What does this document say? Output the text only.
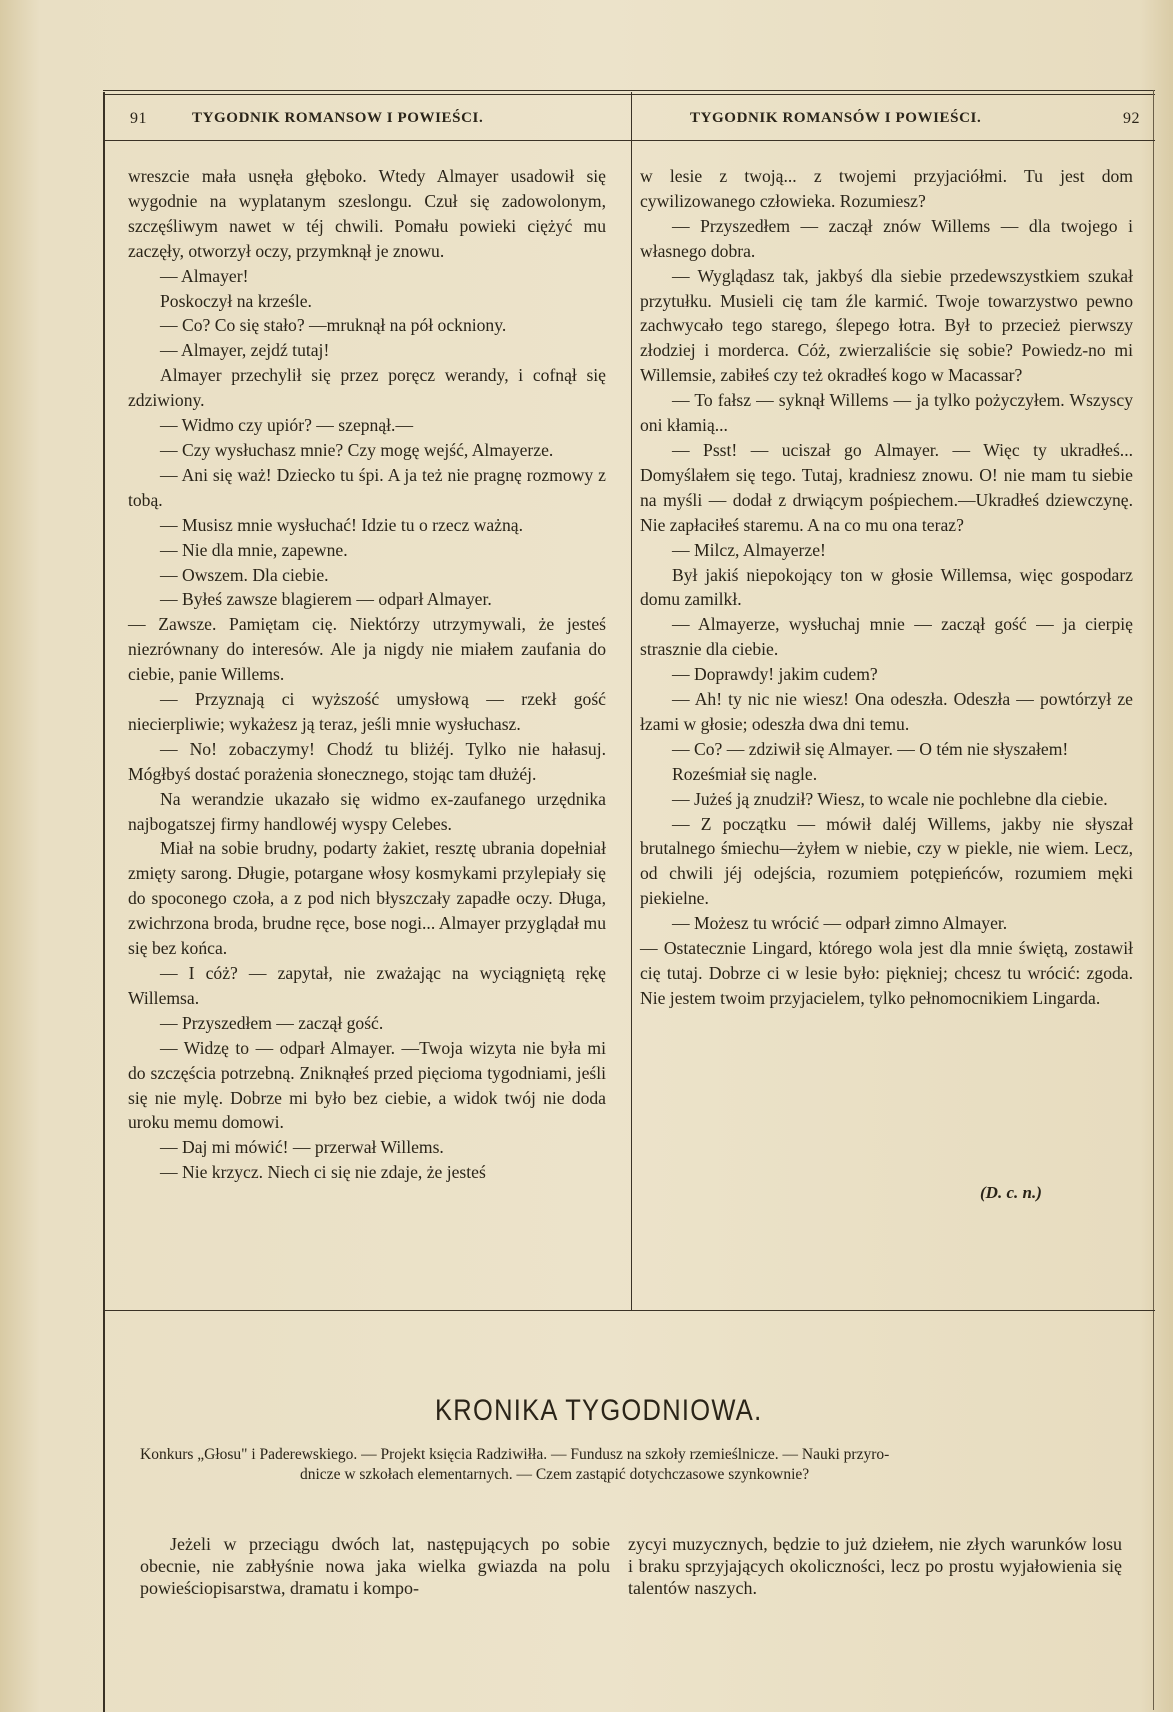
91	TYGODNIK ROMANSOW I POWIEŚCI.	TYGODNIK ROMANSÓW I POWIEŚCI.	92

wreszcie mała usnęła głęboko. Wtedy Almayer usadowił się wygodnie na wyplatanym szeslongu. Czuł się zadowolonym, szczęśliwym nawet w téj chwili. Pomału powieki ciężyć mu zaczęły, otworzył oczy, przymknął je znowu.

— Almayer!

Poskoczył na krześle.

— Co? Co się stało? —mruknął na pół ockniony.

— Almayer, zejdź tutaj!

Almayer przechylił się przez poręcz werandy, i cofnął się zdziwiony.

— Widmo czy upiór? — szepnął.—

— Czy wysłuchasz mnie? Czy mogę wejść, Almayerze.

— Ani się waż! Dziecko tu śpi. A ja też nie pragnę rozmowy z tobą.

— Musisz mnie wysłuchać! Idzie tu o rzecz ważną.

— Nie dla mnie, zapewne.

— Owszem. Dla ciebie.

— Byłeś zawsze blagierem — odparł Almayer.

— Zawsze. Pamiętam cię. Niektórzy utrzymywali, że jesteś niezrównany do interesów. Ale ja nigdy nie miałem zaufania do ciebie, panie Willems.

— Przyznają ci wyższość umysłową — rzekł gość niecierpliwie; wykażesz ją teraz, jeśli mnie wysłuchasz.

— No! zobaczymy! Chodź tu bliżéj. Tylko nie hałasuj. Mógłbyś dostać porażenia słonecznego, stojąc tam dłużéj.

Na werandzie ukazało się widmo ex-zaufanego urzędnika najbogatszej firmy handlowéj wyspy Celebes.

Miał na sobie brudny, podarty żakiet, resztę ubrania dopełniał zmięty sarong. Długie, potargane włosy kosmykami przylepiały się do spoconego czoła, a z pod nich błyszczały zapadłe oczy. Długa, zwichrzona broda, brudne ręce, bose nogi... Almayer przyglądał mu się bez końca.

— I cóż? — zapytał, nie zważając na wyciągniętą rękę Willemsa.

— Przyszedłem — zaczął gość.

— Widzę to — odparł Almayer. —Twoja wizyta nie była mi do szczęścia potrzebną. Zniknąłeś przed pięcioma tygodniami, jeśli się nie mylę. Dobrze mi było bez ciebie, a widok twój nie doda uroku memu domowi.

— Daj mi mówić! — przerwał Willems.

— Nie krzycz. Niech ci się nie zdaje, że jesteś

w lesie z twoją... z twojemi przyjaciółmi. Tu jest dom cywilizowanego człowieka. Rozumiesz?

— Przyszedłem — zaczął znów Willems — dla twojego i własnego dobra.

— Wyglądasz tak, jakbyś dla siebie przedewszystkiem szukał przytułku. Musieli cię tam źle karmić. Twoje towarzystwo pewno zachwycało tego starego, ślepego łotra. Był to przecież pierwszy złodziej i morderca. Cóż, zwierzaliście się sobie? Powiedz-no mi Willemsie, zabiłeś czy też okradłeś kogo w Macassar?

— To fałsz — syknął Willems — ja tylko pożyczyłem. Wszyscy oni kłamią...

— Psst! — uciszał go Almayer. — Więc ty ukradłeś... Domyślałem się tego. Tutaj, kradniesz znowu. O! nie mam tu siebie na myśli — dodał z drwiącym pośpiechem.—Ukradłeś dziewczynę. Nie zapłaciłeś staremu. A na co mu ona teraz?

— Milcz, Almayerze!

Był jakiś niepokojący ton w głosie Willemsa, więc gospodarz domu zamilkł.

— Almayerze, wysłuchaj mnie — zaczął gość — ja cierpię strasznie dla ciebie.

— Doprawdy! jakim cudem?

— Ah! ty nic nie wiesz! Ona odeszła. Odeszła — powtórzył ze łzami w głosie; odeszła dwa dni temu.

— Co? — zdziwił się Almayer. — O tém nie słyszałem!

Roześmiał się nagle.

— Jużeś ją znudził? Wiesz, to wcale nie pochlebne dla ciebie.

— Z początku — mówił daléj Willems, jakby nie słyszał brutalnego śmiechu—żyłem w niebie, czy w piekle, nie wiem. Lecz, od chwili jéj odejścia, rozumiem potępieńców, rozumiem męki piekielne.

— Możesz tu wrócić — odparł zimno Almayer.

— Ostatecznie Lingard, którego wola jest dla mnie świętą, zostawił cię tutaj. Dobrze ci w lesie było: piękniej; chcesz tu wrócić: zgoda. Nie jestem twoim przyjacielem, tylko pełnomocnikiem Lingarda.

(D. c. n.)
KRONIKA TYGODNIOWA.
Konkurs „Głosu" i Paderewskiego. — Projekt księcia Radziwiłła. — Fundusz na szkoły rzemieślnicze. — Nauki przyro-
dnicze w szkołach elementarnych. — Czem zastąpić dotychczasowe szynkownie?

Jeżeli w przeciągu dwóch lat, następujących po sobie obecnie, nie zabłyśnie nowa jaka wielka gwiazda na polu powieściopisarstwa, dramatu i kompo-

zycyi muzycznych, będzie to już dziełem, nie złych warunków losu i braku sprzyjających okoliczności, lecz po prostu wyjałowienia się talentów naszych.
